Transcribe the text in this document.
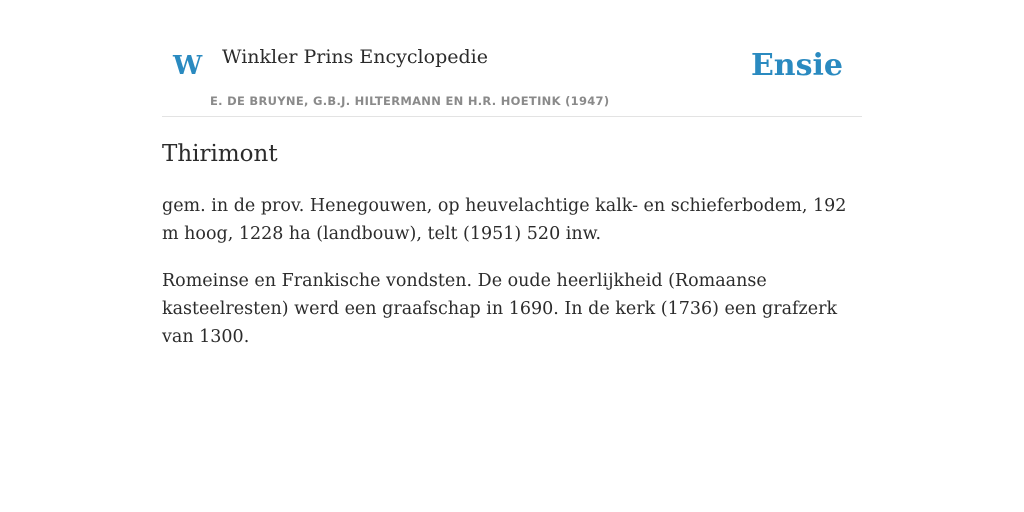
W Winkler Prins Encyclopedie
E. DE BRUYNE, G.B.J. HILTERMANN EN H.R. HOETINK (1947)
Ensie
Thirimont

gem. in de prov. Henegouwen, op heuvelachtige kalk- en schieferbodem, 192 m hoog, 1228 ha (landbouw), telt (1951) 520 inw.

Romeinse en Frankische vondsten. De oude heerlijkheid (Romaanse kasteelresten) werd een graafschap in 1690. In de kerk (1736) een grafzerk van 1300.
